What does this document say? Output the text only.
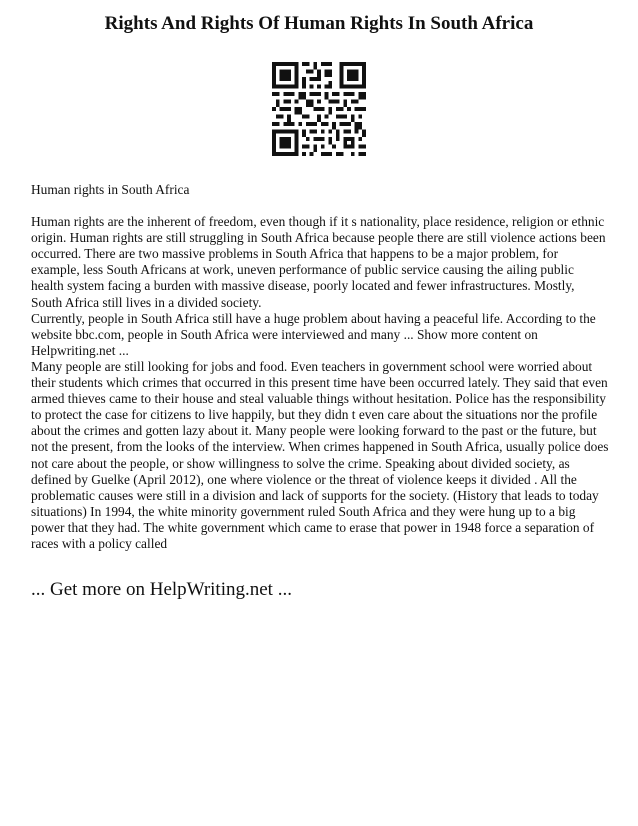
Rights And Rights Of Human Rights In South Africa

Human rights in South Africa

Human rights are the inherent of freedom, even though if it s nationality, place residence, religion or ethnic origin. Human rights are still struggling in South Africa because people there are still violence actions been occurred. There are two massive problems in South Africa that happens to be a major problem, for example, less South Africans at work, uneven performance of public service causing the ailing public health system facing a burden with massive disease, poorly located and fewer infrastructures. Mostly, South Africa still lives in a divided society.

Currently, people in South Africa still have a huge problem about having a peaceful life. According to the website bbc.com, people in South Africa were interviewed and many ... Show more content on Helpwriting.net ...

Many people are still looking for jobs and food. Even teachers in government school were worried about their students which crimes that occurred in this present time have been occurred lately. They said that even armed thieves came to their house and steal valuable things without hesitation. Police has the responsibility to protect the case for citizens to live happily, but they didn t even care about the situations nor the profile about the crimes and gotten lazy about it. Many people were looking forward to the past or the future, but not the present, from the looks of the interview. When crimes happened in South Africa, usually police does not care about the people, or show willingness to solve the crime. Speaking about divided society, as defined by Guelke (April 2012), one where violence or the threat of violence keeps it divided . All the problematic causes were still in a division and lack of supports for the society. (History that leads to today situations) In 1994, the white minority government ruled South Africa and they were hung up to a big power that they had. The white government which came to erase that power in 1948 force a separation of races with a policy called

... Get more on HelpWriting.net ...
